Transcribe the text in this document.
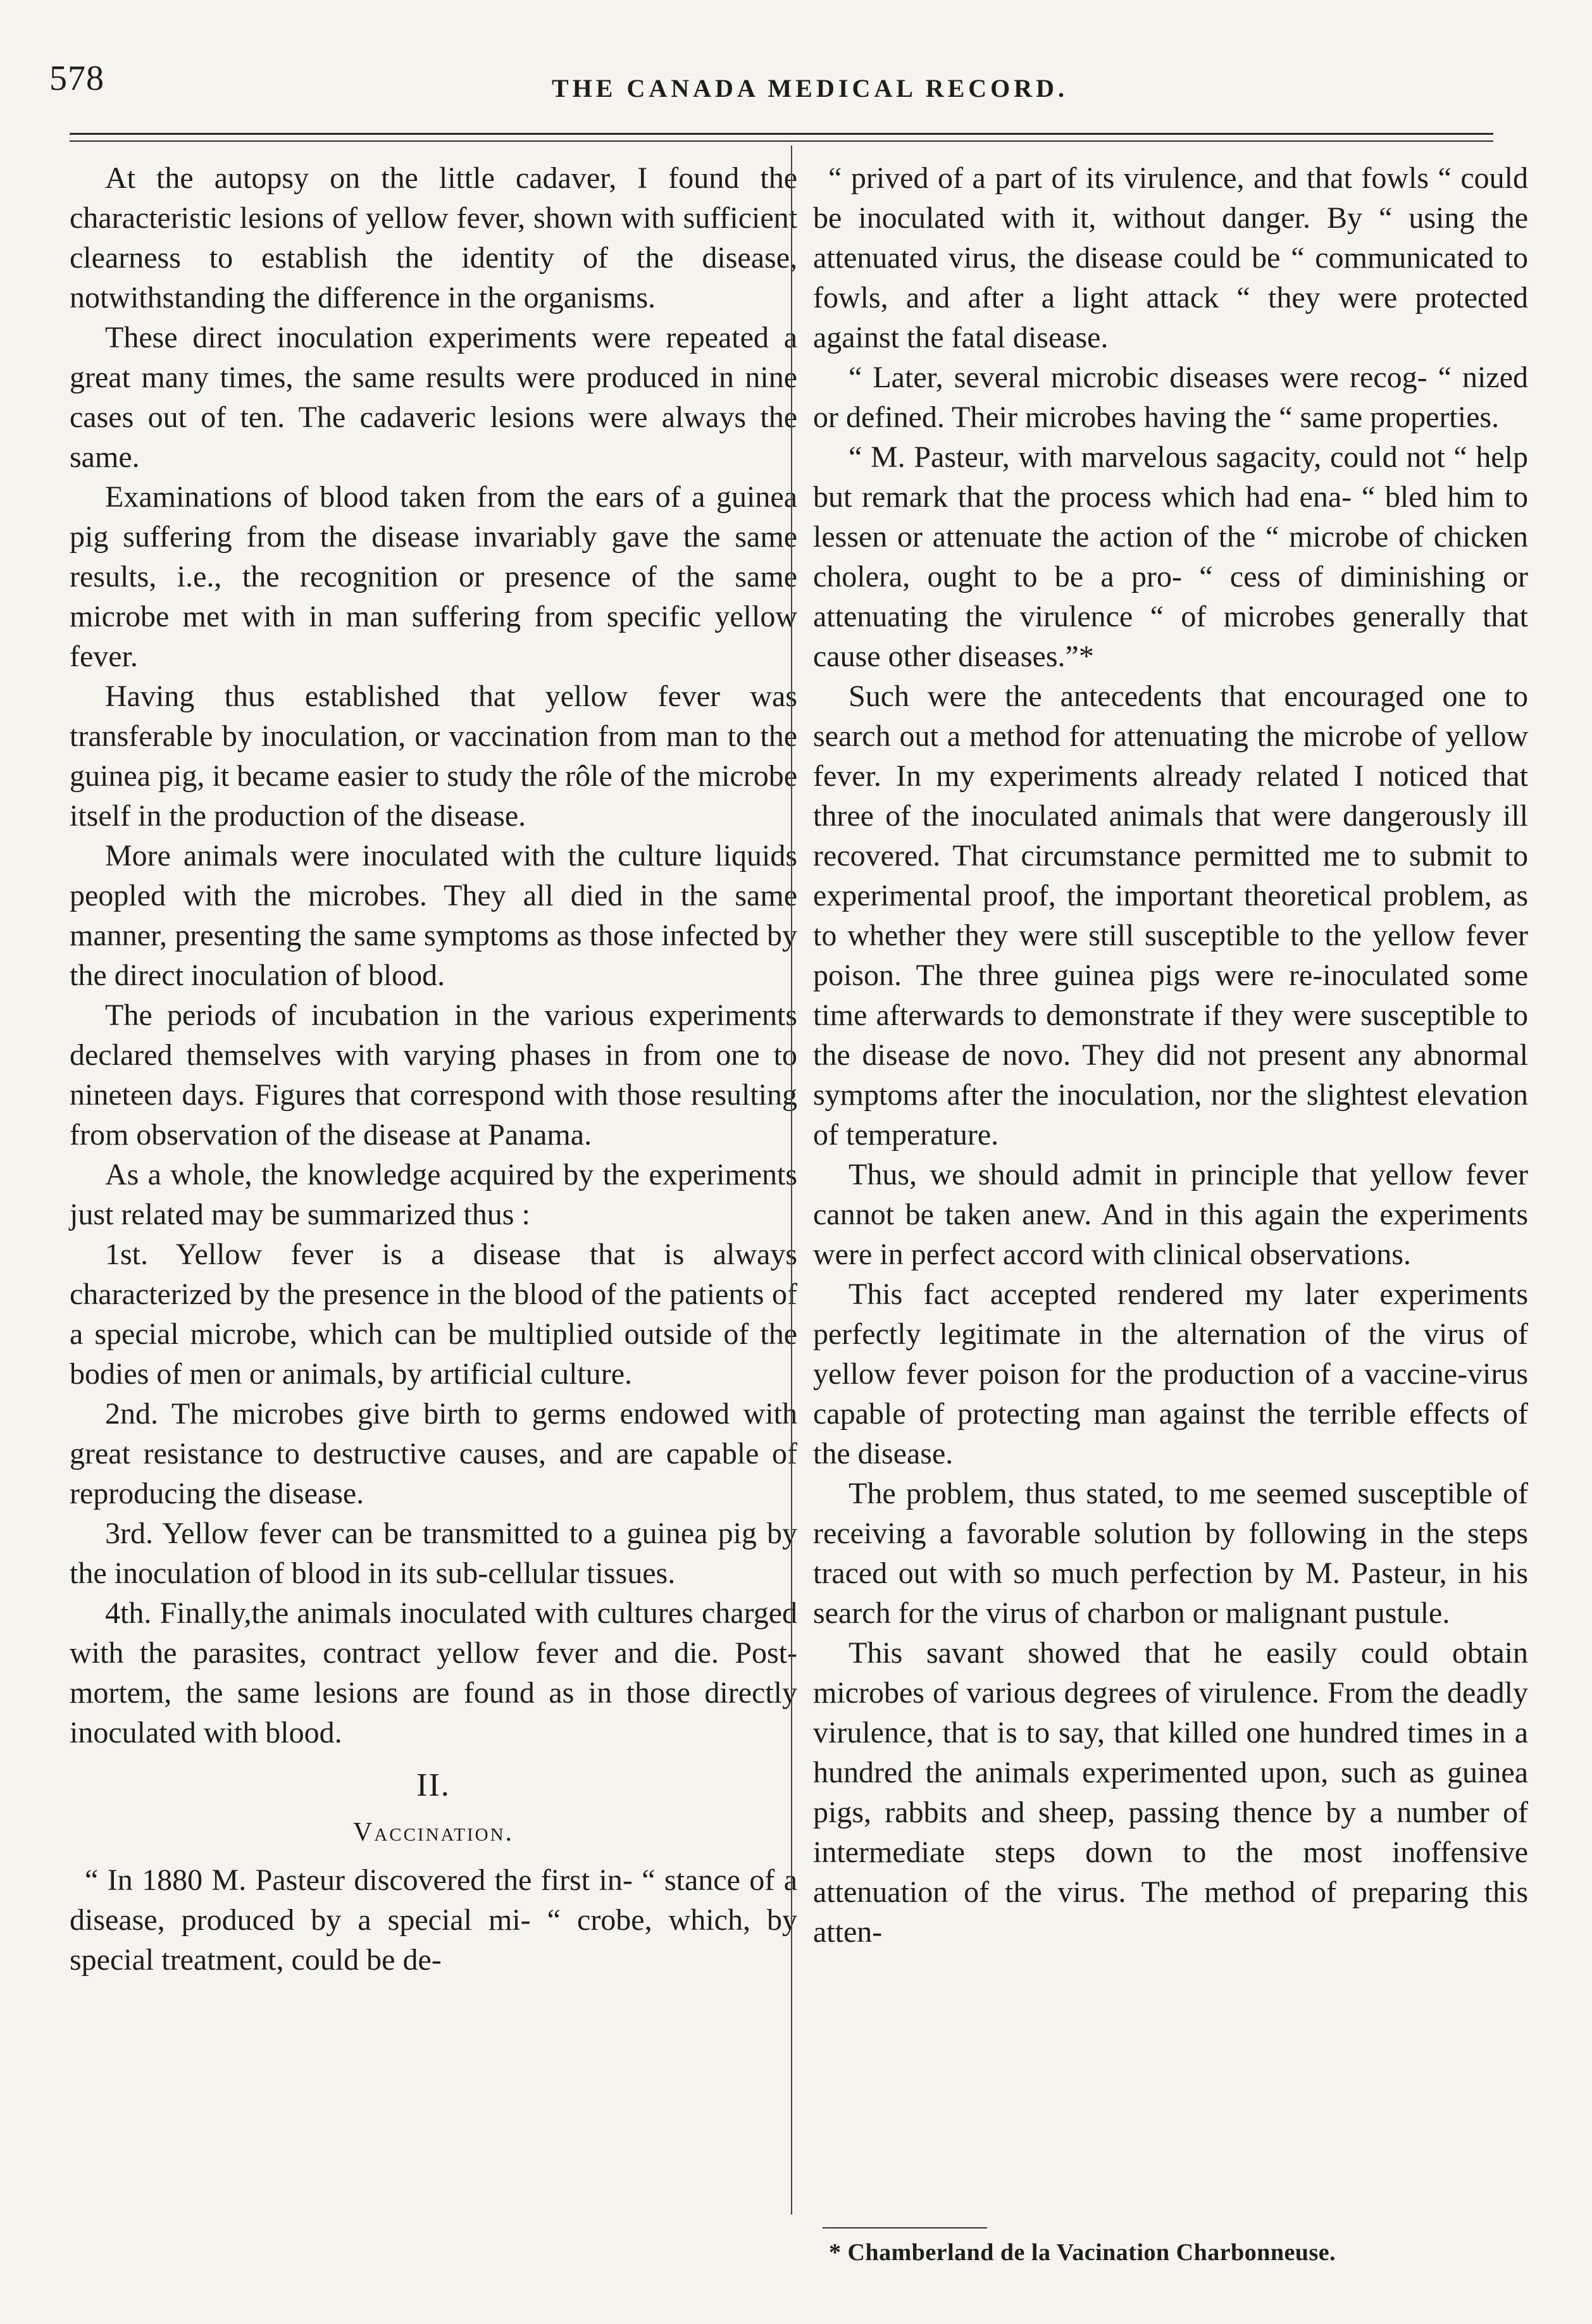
578	THE CANADA MEDICAL RECORD.

At the autopsy on the little cadaver, I found the characteristic lesions of yellow fever, shown with sufficient clearness to establish the identity of the disease, notwithstanding the difference in the organisms.

These direct inoculation experiments were repeated a great many times, the same results were produced in nine cases out of ten. The cadaveric lesions were always the same.

Examinations of blood taken from the ears of a guinea pig suffering from the disease invariably gave the same results, i.e., the recognition or presence of the same microbe met with in man suffering from specific yellow fever.

Having thus established that yellow fever was transferable by inoculation, or vaccination from man to the guinea pig, it became easier to study the rôle of the microbe itself in the production of the disease.

More animals were inoculated with the culture liquids peopled with the microbes. They all died in the same manner, presenting the same symptoms as those infected by the direct inoculation of blood.

The periods of incubation in the various experiments declared themselves with varying phases in from one to nineteen days. Figures that correspond with those resulting from observation of the disease at Panama.

As a whole, the knowledge acquired by the experiments just related may be summarized thus :

1st. Yellow fever is a disease that is always characterized by the presence in the blood of the patients of a special microbe, which can be multiplied outside of the bodies of men or animals, by artificial culture.

2nd. The microbes give birth to germs endowed with great resistance to destructive causes, and are capable of reproducing the disease.

3rd. Yellow fever can be transmitted to a guinea pig by the inoculation of blood in its sub-cellular tissues.

4th. Finally,the animals inoculated with cultures charged with the parasites, contract yellow fever and die. Post-mortem, the same lesions are found as in those directly inoculated with blood.

II.
Vaccination.

“ In 1880 M. Pasteur discovered the first in- “ stance of a disease, produced by a special mi- “ crobe, which, by special treatment, could be de-

“ prived of a part of its virulence, and that fowls “ could be inoculated with it, without danger. By “ using the attenuated virus, the disease could be “ communicated to fowls, and after a light attack “ they were protected against the fatal disease.

“ Later, several microbic diseases were recog- “ nized or defined. Their microbes having the “ same properties.

“ M. Pasteur, with marvelous sagacity, could not “ help but remark that the process which had ena- “ bled him to lessen or attenuate the action of the “ microbe of chicken cholera, ought to be a pro- “ cess of diminishing or attenuating the virulence “ of microbes generally that cause other diseases.”*

Such were the antecedents that encouraged one to search out a method for attenuating the microbe of yellow fever. In my experiments already related I noticed that three of the inoculated animals that were dangerously ill recovered. That circumstance permitted me to submit to experimental proof, the important theoretical problem, as to whether they were still susceptible to the yellow fever poison. The three guinea pigs were re-inoculated some time afterwards to demonstrate if they were susceptible to the disease de novo. They did not present any abnormal symptoms after the inoculation, nor the slightest elevation of temperature.

Thus, we should admit in principle that yellow fever cannot be taken anew. And in this again the experiments were in perfect accord with clinical observations.

This fact accepted rendered my later experiments perfectly legitimate in the alternation of the virus of yellow fever poison for the production of a vaccine-virus capable of protecting man against the terrible effects of the disease.

The problem, thus stated, to me seemed susceptible of receiving a favorable solution by following in the steps traced out with so much perfection by M. Pasteur, in his search for the virus of charbon or malignant pustule.

This savant showed that he easily could obtain microbes of various degrees of virulence. From the deadly virulence, that is to say, that killed one hundred times in a hundred the animals experimented upon, such as guinea pigs, rabbits and sheep, passing thence by a number of intermediate steps down to the most inoffensive attenuation of the virus. The method of preparing this atten-

* Chamberland de la Vacination Charbonneuse.
